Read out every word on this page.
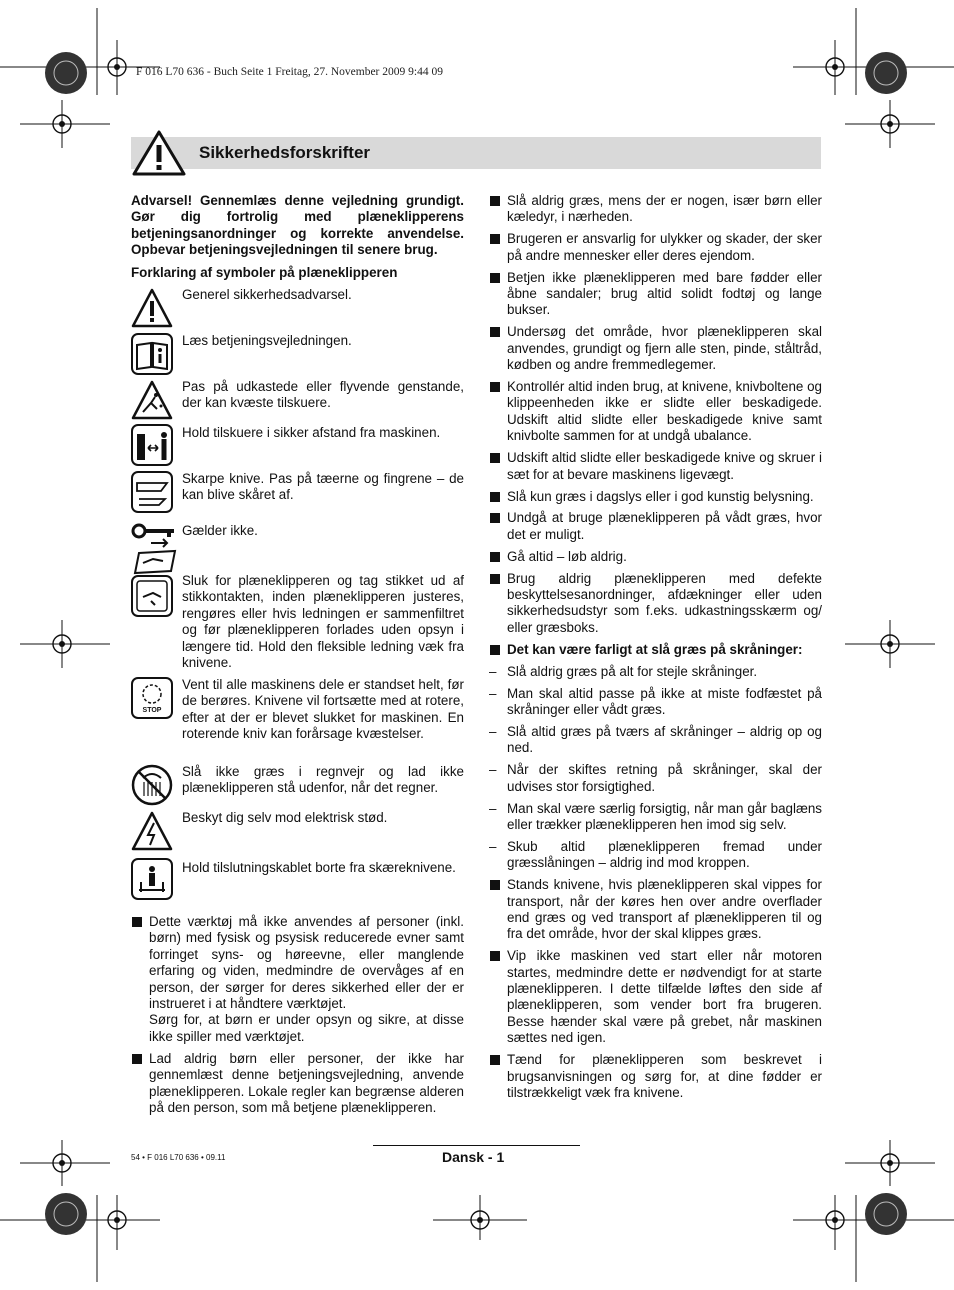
F 016 L70 636 - Buch Seite 1 Freitag, 27. November 2009 9:44 09
Sikkerhedsforskrifter

Advarsel! Gennemlæs denne vejledning grundigt. Gør dig fortrolig med plæneklipperens betjeningsanordninger og korrekte anvendelse. Opbevar betjeningsvejledningen til senere brug.

Forklaring af symboler på plæneklipperen

Generel sikkerhedsadvarsel.
Læs betjeningsvejledningen.
Pas på udkastede eller flyvende genstande, der kan kvæste tilskuere.
Hold tilskuere i sikker afstand fra maskinen.
Skarpe knive. Pas på tæerne og fingrene – de kan blive skåret af.
Gælder ikke.
Sluk for plæneklipperen og tag stikket ud af stikkontakten, inden plæneklipperen justeres, rengøres eller hvis ledningen er sammenfiltret og før plæneklipperen forlades uden opsyn i længere tid. Hold den fleksible ledning væk fra knivene.
STOP
Vent til alle maskinens dele er standset helt, før de berøres. Knivene vil fortsætte med at rotere, efter at der er blevet slukket for maskinen. En roterende kniv kan forårsage kvæstelser.
Slå ikke græs i regnvejr og lad ikke plæneklipperen stå udenfor, når det regner.
Beskyt dig selv mod elektrisk stød.
Hold tilslutningskablet borte fra skæreknivene.
Dette værktøj må ikke anvendes af personer (inkl. børn) med fysisk og psysisk reducerede evner samt forringet syns- og høreevne, eller manglende erfaring og viden, medmindre de overvåges af en person, der sørger for deres sikkerhed eller der er instrueret i at håndtere værktøjet.
Sørg for, at børn er under opsyn og sikre, at disse ikke spiller med værktøjet.
Lad aldrig børn eller personer, der ikke har gennemlæst denne betjeningsvejledning, anvende plæneklipperen. Lokale regler kan begrænse alderen på den person, som må betjene plæneklipperen.
Slå aldrig græs, mens der er nogen, især børn eller kæledyr, i nærheden.
Brugeren er ansvarlig for ulykker og skader, der sker på andre mennesker eller deres ejendom.
Betjen ikke plæneklipperen med bare fødder eller åbne sandaler; brug altid solidt fodtøj og lange bukser.
Undersøg det område, hvor plæneklipperen skal anvendes, grundigt og fjern alle sten, pinde, ståltråd, kødben og andre fremmedlegemer.
Kontrollér altid inden brug, at knivene, knivboltene og klippeenheden ikke er slidte eller beskadigede. Udskift altid slidte eller beskadigede knive samt knivbolte sammen for at undgå ubalance.
Udskift altid slidte eller beskadigede knive og skruer i sæt for at bevare maskinens ligevægt.
Slå kun græs i dagslys eller i god kunstig belysning.
Undgå at bruge plæneklipperen på vådt græs, hvor det er muligt.
Gå altid – løb aldrig.
Brug aldrig plæneklipperen med defekte beskyttelsesanordninger, afdækninger eller uden sikkerhedsudstyr som f.eks. udkastningsskærm og/ eller græsboks.
Det kan være farligt at slå græs på skråninger:
– Slå aldrig græs på alt for stejle skråninger.
– Man skal altid passe på ikke at miste fodfæstet på skråninger eller vådt græs.
– Slå altid græs på tværs af skråninger – aldrig op og ned.
– Når der skiftes retning på skråninger, skal der udvises stor forsigtighed.
– Man skal være særlig forsigtig, når man går baglæns eller trækker plæneklipperen hen imod sig selv.
– Skub altid plæneklipperen fremad under græsslåningen – aldrig ind mod kroppen.
Stands knivene, hvis plæneklipperen skal vippes for transport, når der køres hen over andre overflader end græs og ved transport af plæneklipperen til og fra det område, hvor der skal klippes græs.
Vip ikke maskinen ved start eller når motoren startes, medmindre dette er nødvendigt for at starte plæneklipperen. I dette tilfælde løftes den side af plæneklipperen, som vender bort fra brugeren. Besse hænder skal være på grebet, når maskinen sættes ned igen.
Tænd for plæneklipperen som beskrevet i brugsanvisningen og sørg for, at dine fødder er tilstrækkeligt væk fra knivene.
54 • F 016 L70 636 • 09.11	Dansk - 1
